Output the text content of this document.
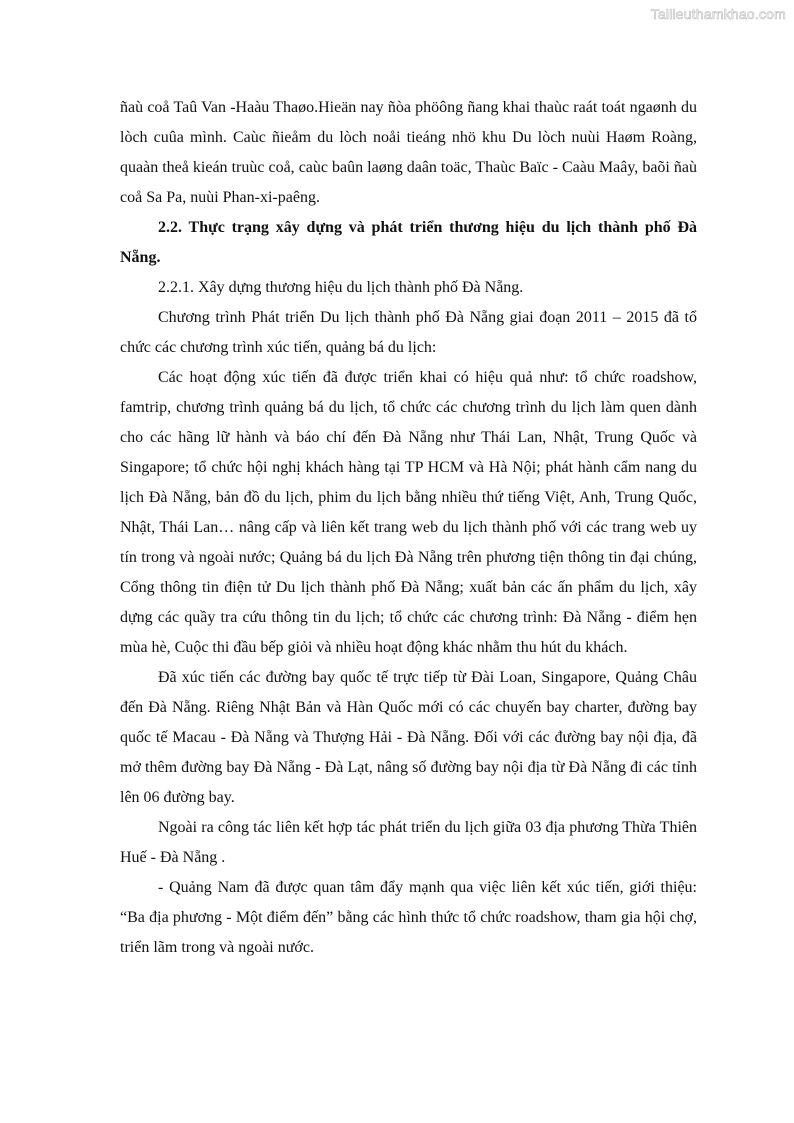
Tailieuthamkhao.com

ñaù coå Taû Van -Haàu Thaøo.Hieän nay ñòa phöông ñang khai thaùc raát toát ngaønh du lòch cuûa mình. Caùc ñieåm du lòch noåi tieáng nhö khu Du lòch nuùi Haøm Roàng, quaàn theå kieán truùc coå, caùc baûn laøng daân toäc, Thaùc Baïc - Caàu Maây, baõi ñaù coå Sa Pa, nuùi Phan-xi-paêng.

2.2. Thực trạng xây dựng và phát triển thương hiệu du lịch thành phố Đà Nẵng.

2.2.1. Xây dựng thương hiệu du lịch thành phố Đà Nẵng.

Chương trình Phát triển Du lịch thành phố Đà Nẵng giai đoạn 2011 – 2015 đã tổ chức các chương trình xúc tiến, quảng bá du lịch:

Các hoạt động xúc tiến đã được triển khai có hiệu quả như: tổ chức roadshow, famtrip, chương trình quảng bá du lịch, tổ chức các chương trình du lịch làm quen dành cho các hãng lữ hành và báo chí đến Đà Nẵng như Thái Lan, Nhật, Trung Quốc và Singapore; tổ chức hội nghị khách hàng tại TP HCM và Hà Nội; phát hành cẩm nang du lịch Đà Nẵng, bản đồ du lịch, phim du lịch bằng nhiều thứ tiếng Việt, Anh, Trung Quốc, Nhật, Thái Lan… nâng cấp và liên kết trang web du lịch thành phố với các trang web uy tín trong và ngoài nước; Quảng bá du lịch Đà Nẵng trên phương tiện thông tin đại chúng, Cổng thông tin điện tử Du lịch thành phố Đà Nẵng; xuất bản các ấn phẩm du lịch, xây dựng các quầy tra cứu thông tin du lịch; tổ chức các chương trình: Đà Nẵng - điểm hẹn mùa hè, Cuộc thi đầu bếp giỏi và nhiều hoạt động khác nhằm thu hút du khách.

Đã xúc tiến các đường bay quốc tế trực tiếp từ Đài Loan, Singapore, Quảng Châu đến Đà Nẵng. Riêng Nhật Bản và Hàn Quốc mới có các chuyến bay charter, đường bay quốc tế Macau - Đà Nẵng và Thượng Hải - Đà Nẵng. Đối với các đường bay nội địa, đã mở thêm đường bay Đà Nẵng - Đà Lạt, nâng số đường bay nội địa từ Đà Nẵng đi các tỉnh lên 06 đường bay.

Ngoài ra công tác liên kết hợp tác phát triển du lịch giữa 03 địa phương Thừa Thiên Huế - Đà Nẵng .

- Quảng Nam đã được quan tâm đẩy mạnh qua việc liên kết xúc tiến, giới thiệu: “Ba địa phương - Một điểm đến” bằng các hình thức tổ chức roadshow, tham gia hội chợ, triển lãm trong và ngoài nước.
